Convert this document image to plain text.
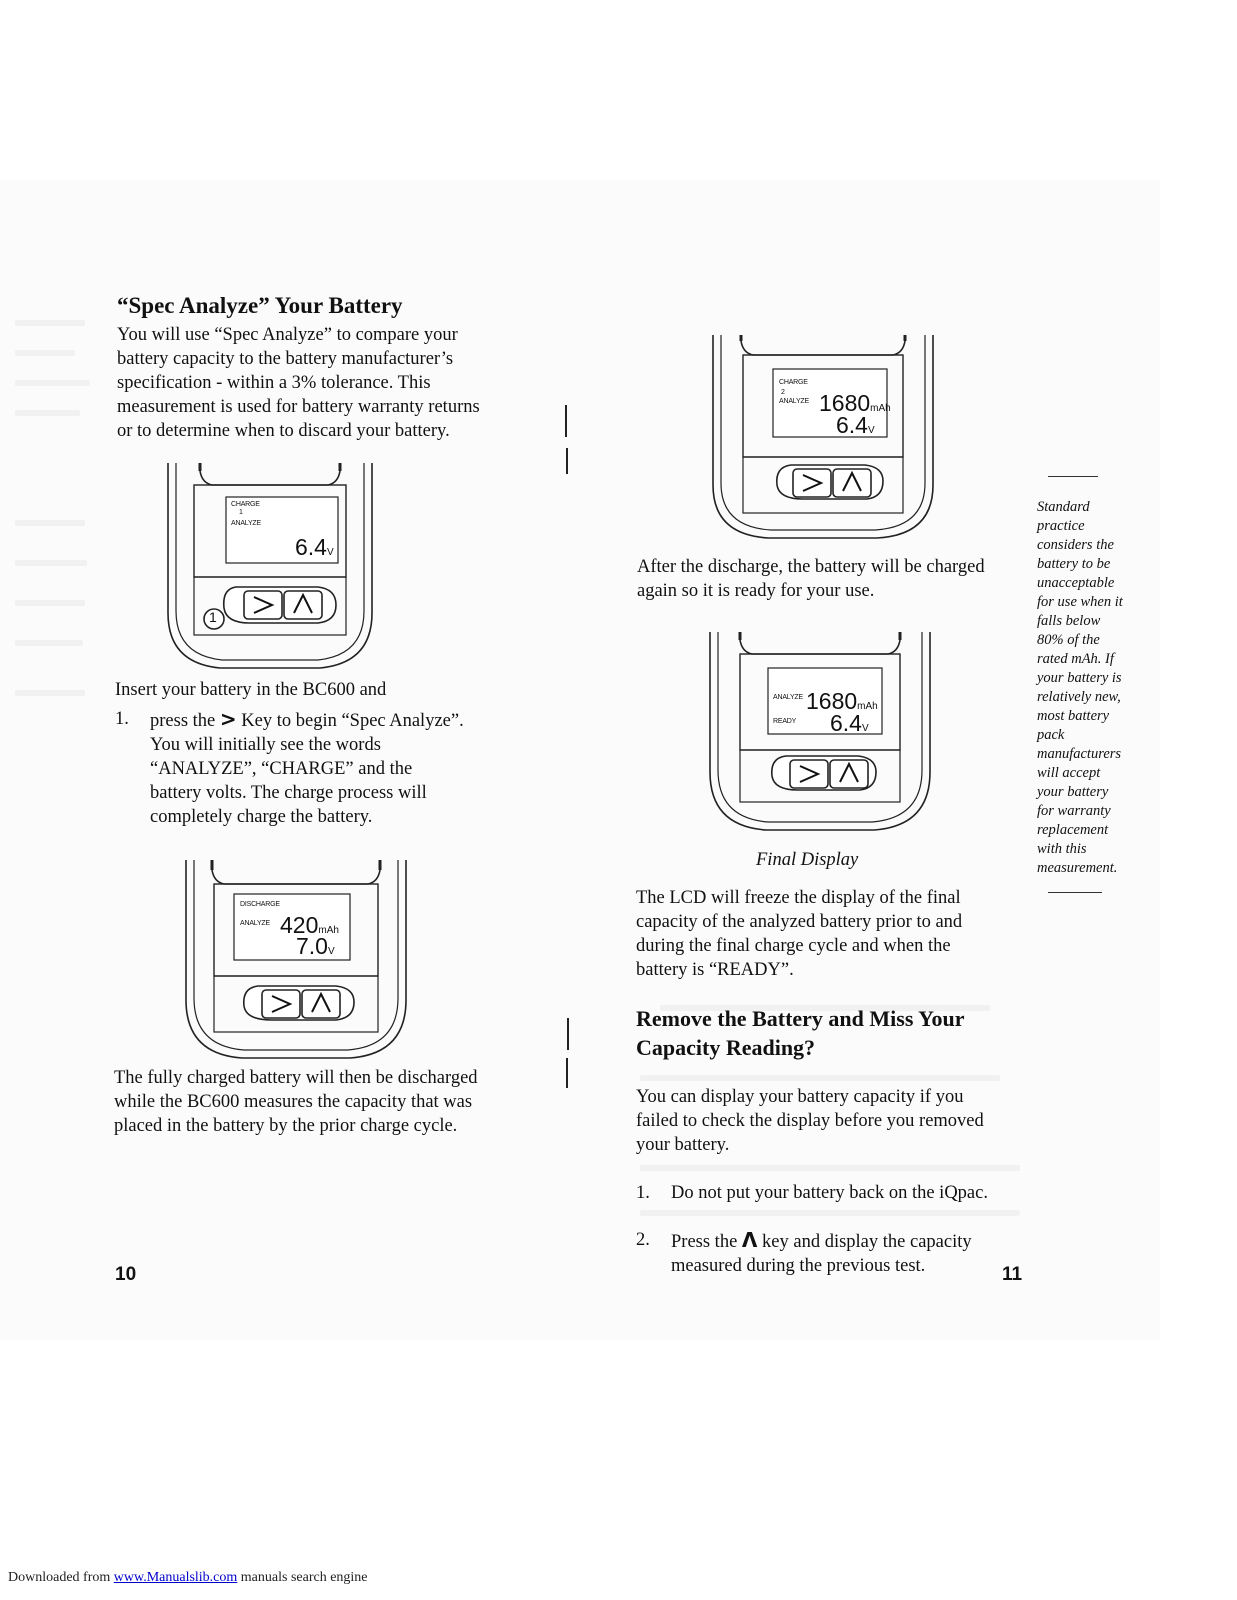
“Spec Analyze” Your Battery
You will use “Spec Analyze” to compare your
battery capacity to the battery manufacturer’s
specification - within a 3% tolerance. This
measurement is used for battery warranty returns
or to determine when to discard your battery.
CHARGE
1
ANALYZE
6.4V
1
Insert your battery in the BC600 and
1. press the > Key to begin “Spec Analyze”.
You will initially see the words
“ANALYZE”, “CHARGE” and the
battery volts. The charge process will
completely charge the battery.
DISCHARGE
ANALYZE 420mAh
7.0V
The fully charged battery will then be discharged
while the BC600 measures the capacity that was
placed in the battery by the prior charge cycle.
10
CHARGE
2
ANALYZE 1680mAh
6.4V
After the discharge, the battery will be charged
again so it is ready for your use.
ANALYZE
READY
1680mAh
6.4V
Final Display
The LCD will freeze the display of the final
capacity of the analyzed battery prior to and
during the final charge cycle and when the
battery is “READY”.
Remove the Battery and Miss Your
Capacity Reading?
You can display your battery capacity if you
failed to check the display before you removed
your battery.
1.	Do not put your battery back on the iQpac.
2. Press the Λ key and display the capacity
measured during the previous test.	11
Standard
practice
considers the
battery to be
unacceptable
for use when it
falls below
80% of the
rated mAh. If
your battery is
relatively new,
most battery
pack
manufacturers
will accept
your battery
for warranty
replacement
with this
measurement.
Downloaded from www.Manualslib.com manuals search engine
